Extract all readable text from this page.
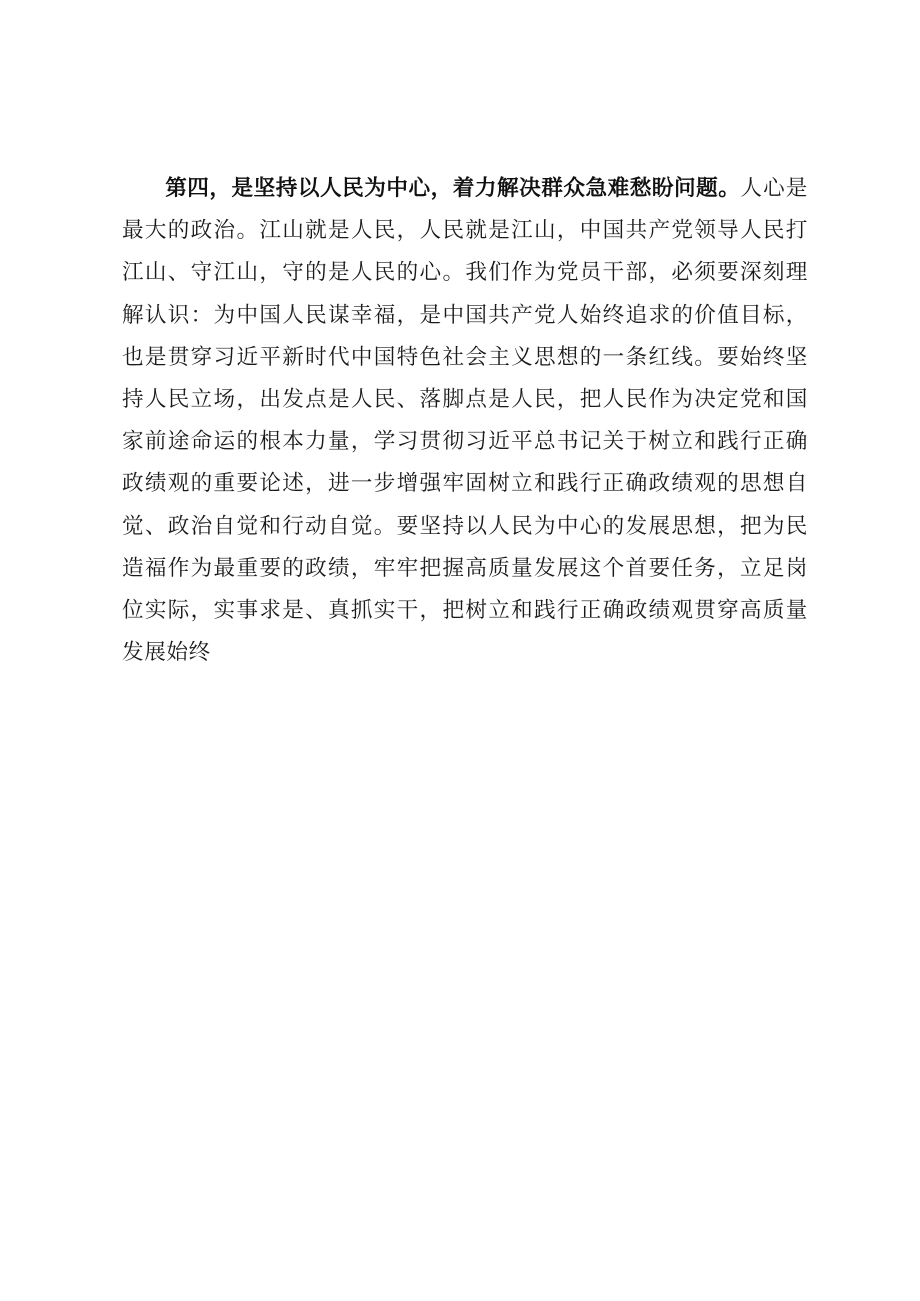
第四，是坚持以人民为中心，着力解决群众急难愁盼问题。人心是最大的政治。江山就是人民，人民就是江山，中国共产党领导人民打江山、守江山，守的是人民的心。我们作为党员干部，必须要深刻理解认识：为中国人民谋幸福，是中国共产党人始终追求的价值目标，也是贯穿习近平新时代中国特色社会主义思想的一条红线。要始终坚持人民立场，出发点是人民、落脚点是人民，把人民作为决定党和国家前途命运的根本力量，学习贯彻习近平总书记关于树立和践行正确政绩观的重要论述，进一步增强牢固树立和践行正确政绩观的思想自觉、政治自觉和行动自觉。要坚持以人民为中心的发展思想，把为民造福作为最重要的政绩，牢牢把握高质量发展这个首要任务，立足岗位实际，实事求是、真抓实干，把树立和践行正确政绩观贯穿高质量发展始终
